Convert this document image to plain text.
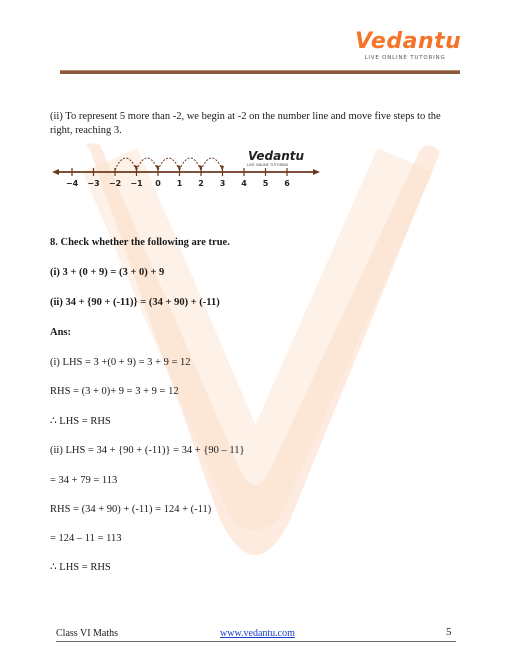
Vedantu
LIVE ONLINE TUTORING
(ii) To represent 5 more than -2, we begin at -2 on the number line and move five steps to the
right, reaching 3.
−4 −3 −2 −1 0 1 2 3 4 5 6
Vedantu
LIVE ONLINE TUTORING
8. Check whether the following are true.
(i) 3 + (0 + 9) = (3 + 0) + 9
(ii) 34 + {90 + (-11)} = (34 + 90) + (-11)
Ans:
(i) LHS = 3 +(0 + 9) = 3 + 9 = 12
RHS = (3 + 0)+ 9 = 3 + 9 = 12
∴ LHS = RHS
(ii) LHS = 34 + {90 + (-11)} = 34 + {90 – 11}
= 34 + 79 = 113
RHS = (34 + 90) + (-11) = 124 + (-11)
= 124 – 11 = 113
∴ LHS = RHS
Class VI Maths	www.vedantu.com	5
